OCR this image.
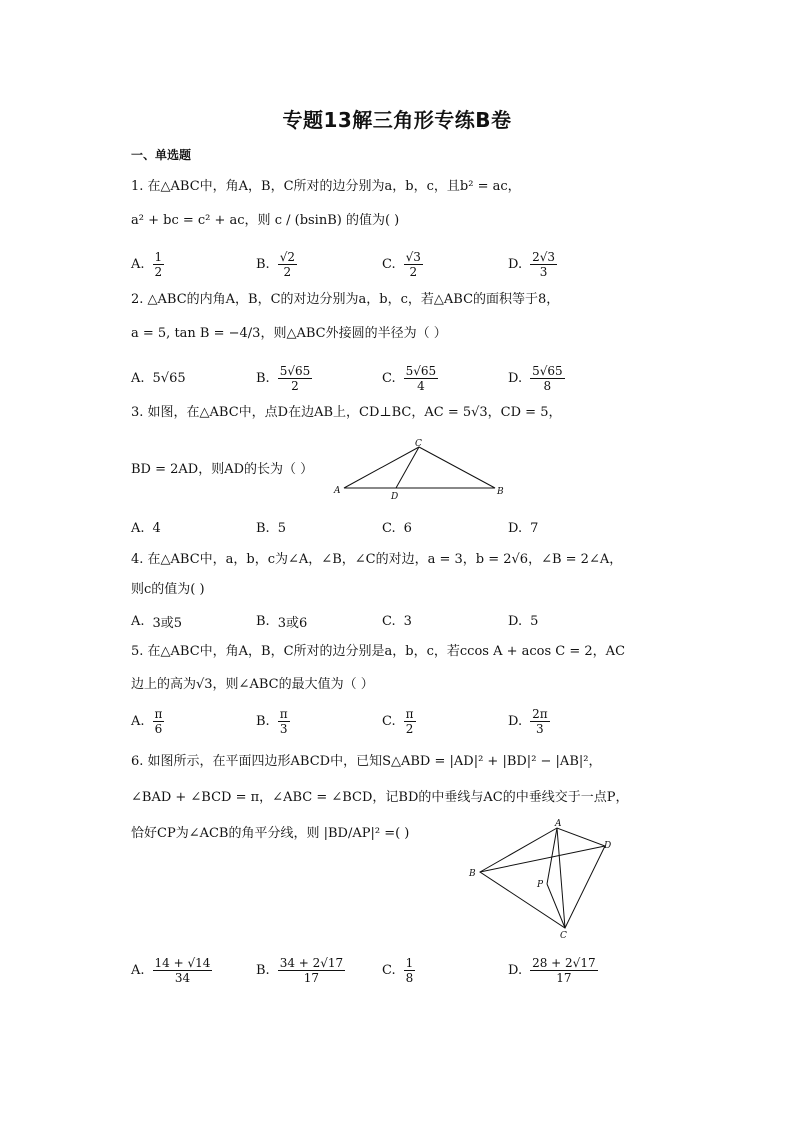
专题13解三角形专练B卷
一、单选题
1. 在△ABC中，角A，B，C所对的边分别为a，b，c，且b² = ac，
a² + bc = c² + ac，则 c / (bsinB) 的值为( )
A. $\frac{1}{2}$	B. $\frac{√2}{2}$	C. $\frac{√3}{2}$	D. $\frac{2√3}{3}$
2. △ABC的内角A，B，C的对边分别为a，b，c，若△ABC的面积等于8，
a = 5, tan B = −4/3，则△ABC外接圆的半径为（ ）
A. 5√65	B. $\frac{5√65}{2}$	C. $\frac{5√65}{4}$	D. $\frac{5√65}{8}$
3. 如图，在△ABC中，点D在边AB上，CD⊥BC，AC = 5√3，CD = 5，
BD = 2AD，则AD的长为（ ）
C
A
D	B
A. 4	B. 5	C. 6	D. 7
4. 在△ABC中，a，b，c为∠A，∠B，∠C的对边，a = 3，b = 2√6，∠B = 2∠A，
则c的值为( )
A. 3或5	B. 3或6	C. 3	D. 5
5. 在△ABC中，角A，B，C所对的边分别是a，b，c，若ccos A + acos C = 2，AC
边上的高为√3，则∠ABC的最大值为（ ）
A. $\frac{\pi}{6}$	B. $\frac{\pi}{3}$	C. $\frac{\pi}{2}$	D. $\frac{2\pi}{3}$
6. 如图所示，在平面四边形ABCD中，已知S△ABD = |AD|² + |BD|² − |AB|²，
∠BAD + ∠BCD = π，∠ABC = ∠BCD，记BD的中垂线与AC的中垂线交于一点P，
恰好CP为∠ACB的角平分线，则 |BD/AP|² =( )
A
B
D
P
C
A. $\frac{14 + √14}{34}$	B. $\frac{34 + 2√17}{17}$	C. $\frac{1}{8}$	D. $\frac{28 + 2√17}{17}$
